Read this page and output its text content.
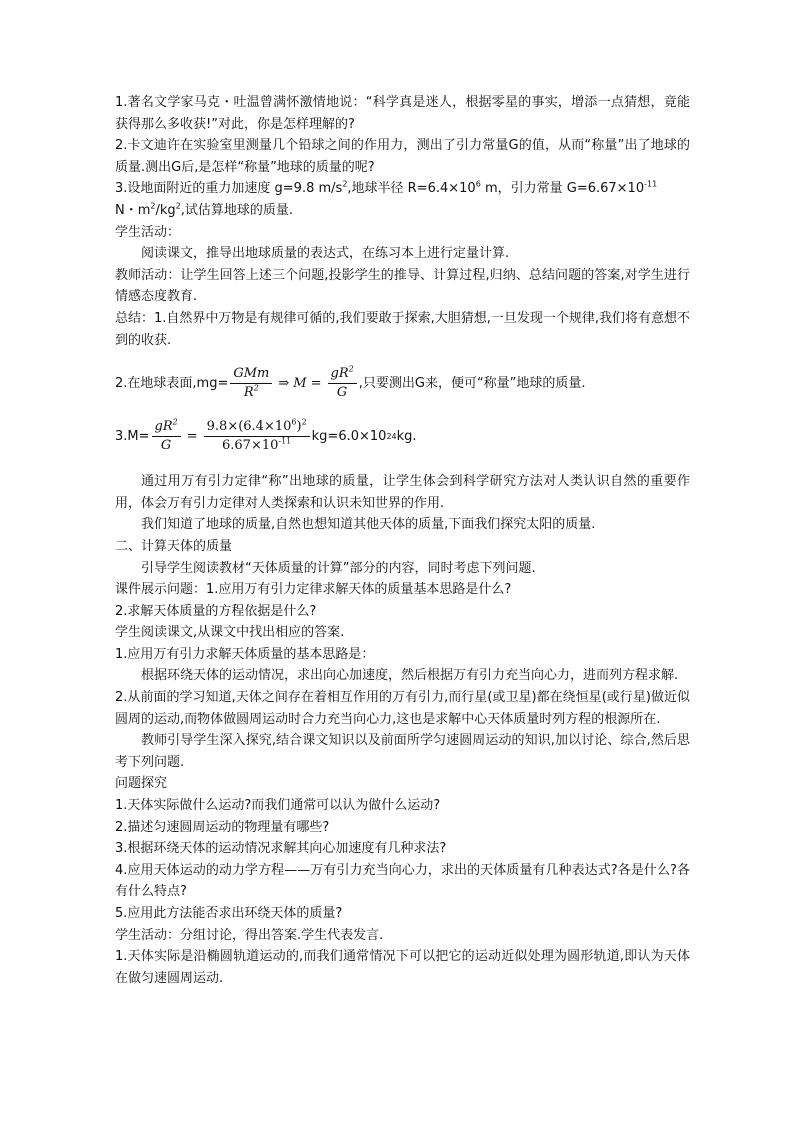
1.著名文学家马克・吐温曾满怀激情地说：“科学真是迷人，根据零星的事实，增添一点猜想，竟能获得那么多收获!”对此，你是怎样理解的?

2.卡文迪许在实验室里测量几个铅球之间的作用力，测出了引力常量G的值，从而“称量”出了地球的质量.测出G后,是怎样“称量”地球的质量的呢?

3.设地面附近的重力加速度 g=9.8 $m/s^2$,地球半径 $R=6.4\times 10^6$ m，引力常量 $G=6.67\times 10^{-11}$
N・$m^2/kg^2$,试估算地球的质量.

学生活动：

阅读课文，推导出地球质量的表达式，在练习本上进行定量计算.

教师活动：让学生回答上述三个问题,投影学生的推导、计算过程,归纳、总结问题的答案,对学生进行情感态度教育.

总结：1.自然界中万物是有规律可循的,我们要敢于探索,大胆猜想,一旦发现一个规律,我们将有意想不到的收获.

2.在地球表面$,mg= \frac{\text{GMm}}{R^2}$ ⇒ $M = \frac{gR^2}{G}$ ,只要测出G来，便可“称量”地球的质量.
$3.M= \frac{gR^2}{G} = \frac{9.8\times(6.4\times 10^6)^2}{6.67\times 10^{-11}} kg=6.0\times 10$ 24 kg.

通过用万有引力定律“称”出地球的质量，让学生体会到科学研究方法对人类认识自然的重要作用，体会万有引力定律对人类探索和认识未知世界的作用.

我们知道了地球的质量,自然也想知道其他天体的质量,下面我们探究太阳的质量.

二、计算天体的质量

引导学生阅读教材“天体质量的计算”部分的内容，同时考虑下列问题.

课件展示问题：1.应用万有引力定律求解天体的质量基本思路是什么?

2.求解天体质量的方程依据是什么?

学生阅读课文,从课文中找出相应的答案.

1.应用万有引力求解天体质量的基本思路是：

根据环绕天体的运动情况，求出向心加速度，然后根据万有引力充当向心力，进而列方程求解.

2.从前面的学习知道,天体之间存在着相互作用的万有引力,而行星(或卫星)都在绕恒星(或行星)做近似圆周的运动,而物体做圆周运动时合力充当向心力,这也是求解中心天体质量时列方程的根源所在.

教师引导学生深入探究,结合课文知识以及前面所学匀速圆周运动的知识,加以讨论、综合,然后思考下列问题.

问题探究

1.天体实际做什么运动?而我们通常可以认为做什么运动?

2.描述匀速圆周运动的物理量有哪些?

3.根据环绕天体的运动情况求解其向心加速度有几种求法?

4.应用天体运动的动力学方程——万有引力充当向心力，求出的天体质量有几种表达式?各是什么?各有什么特点?

5.应用此方法能否求出环绕天体的质量?

学生活动：分组讨论，得出答案.学生代表发言.

1.天体实际是沿椭圆轨道运动的,而我们通常情况下可以把它的运动近似处理为圆形轨道,即认为天体在做匀速圆周运动.
